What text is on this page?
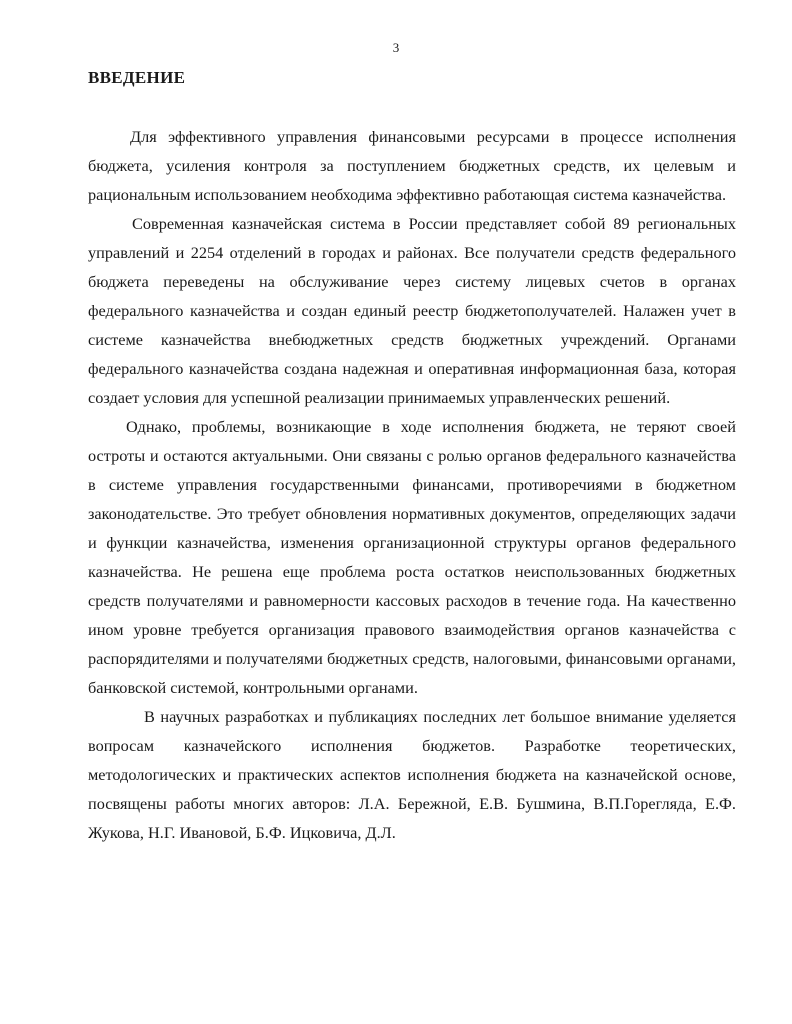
3
ВВЕДЕНИЕ

Для эффективного управления финансовыми ресурсами в процессе исполнения бюджета, усиления контроля за поступлением бюджетных средств, их целевым и рациональным использованием необходима эффективно работающая система казначейства.

Современная казначейская система в России представляет собой 89 региональных управлений и 2254 отделений в городах и районах. Все получатели средств федерального бюджета переведены на обслуживание через систему лицевых счетов в органах федерального казначейства и создан единый реестр бюджетополучателей. Налажен учет в системе казначейства внебюджетных средств бюджетных учреждений. Органами федерального казначейства создана надежная и оперативная информационная база, которая создает условия для успешной реализации принимаемых управленческих решений.

Однако, проблемы, возникающие в ходе исполнения бюджета, не теряют своей остроты и остаются актуальными. Они связаны с ролью органов федерального казначейства в системе управления государственными финансами, противоречиями в бюджетном законодательстве. Это требует обновления нормативных документов, определяющих задачи и функции казначейства, изменения организационной структуры органов федерального казначейства. Не решена еще проблема роста остатков неиспользованных бюджетных средств получателями и равномерности кассовых расходов в течение года. На качественно ином уровне требуется организация правового взаимодействия органов казначейства с распорядителями и получателями бюджетных средств, налоговыми, финансовыми органами, банковской системой, контрольными органами.

В научных разработках и публикациях последних лет большое внимание уделяется вопросам казначейского исполнения бюджетов. Разработке теоретических, методологических и практических аспектов исполнения бюджета на казначейской основе, посвящены работы многих авторов: Л.А. Бережной, Е.В. Бушмина, В.П.Горегляда, Е.Ф. Жукова, Н.Г. Ивановой, Б.Ф. Ицковича, Д.Л.
